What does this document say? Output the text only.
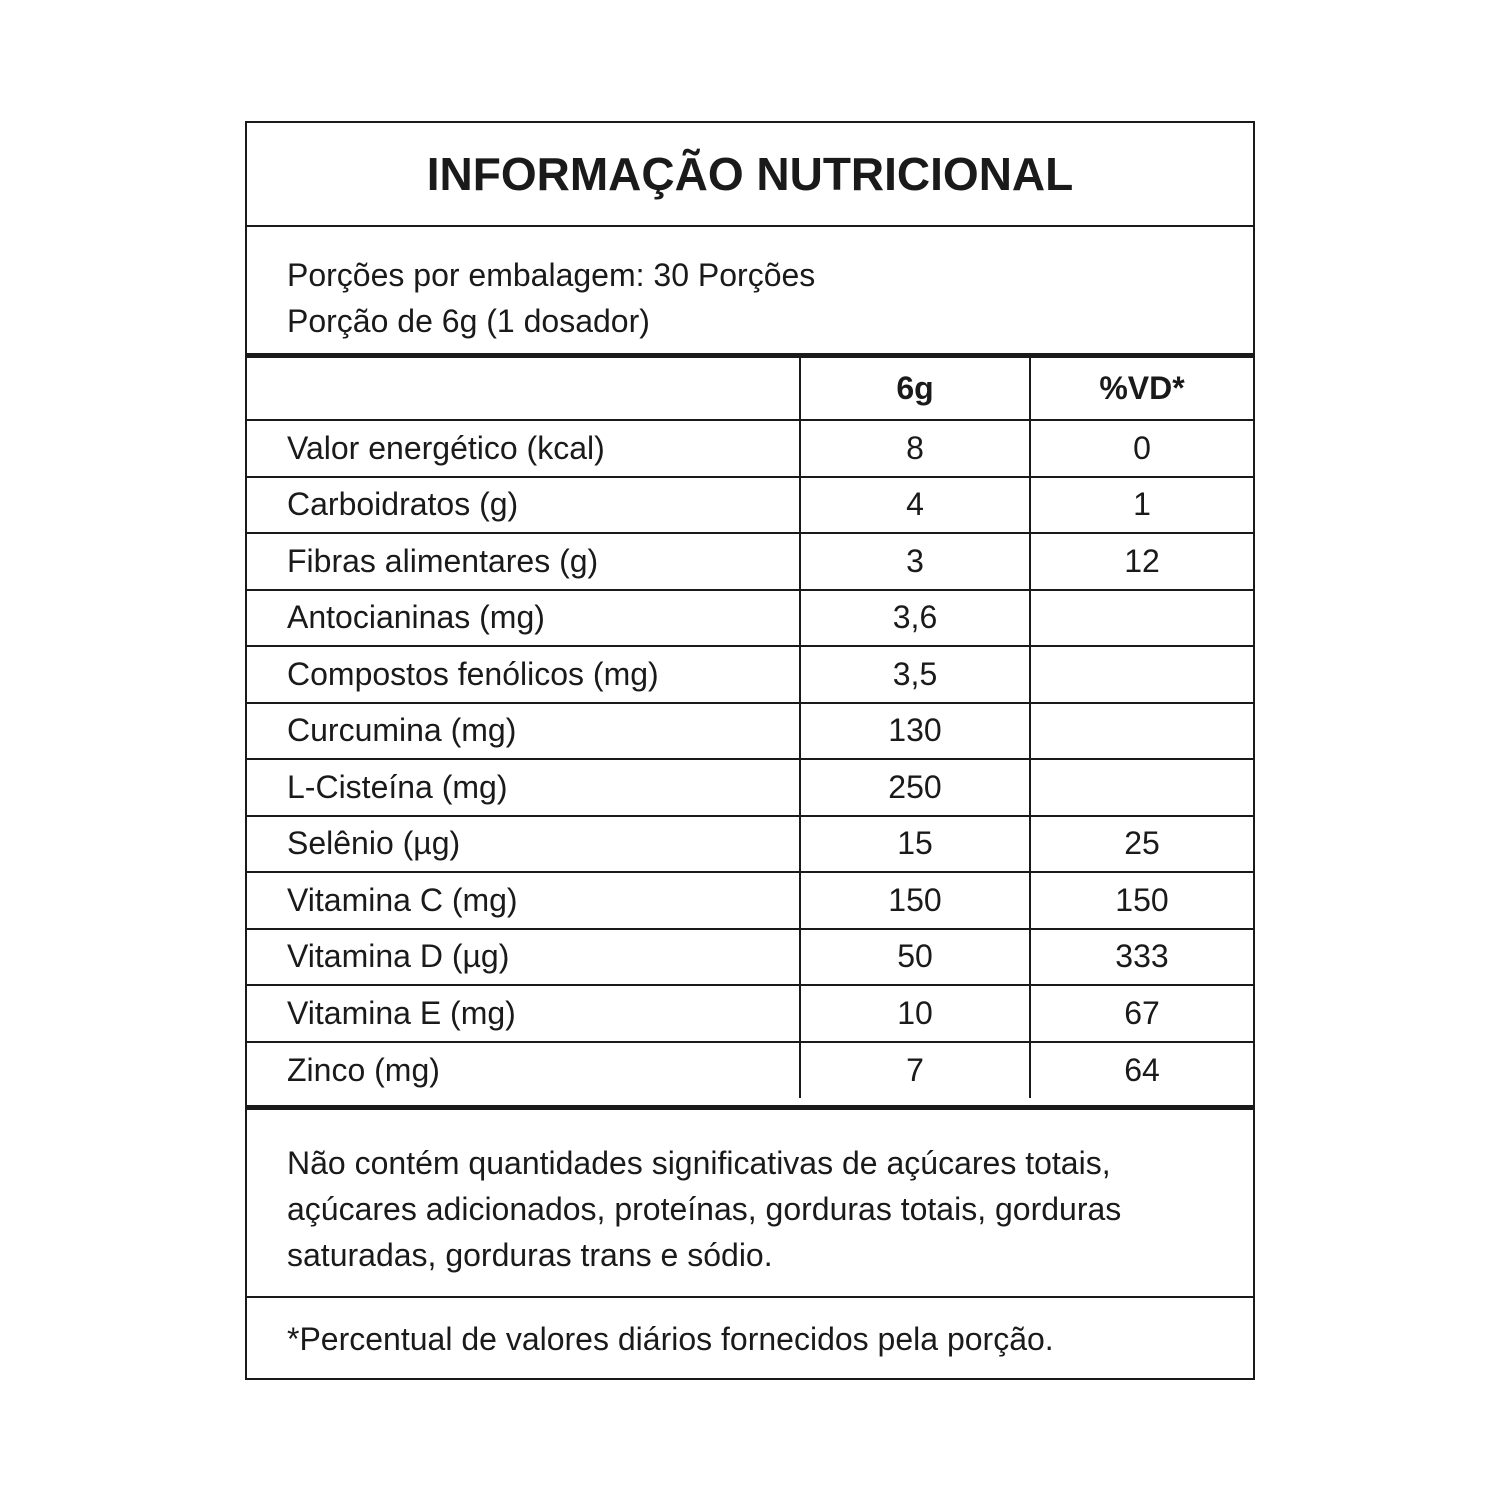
INFORMAÇÃO NUTRICIONAL
Porções por embalagem: 30 Porções
Porção de 6g (1 dosador)
	6g	%VD*
Valor energético (kcal)	8	0
Carboidratos (g)	4	1
Fibras alimentares (g)	3	12
Antocianinas (mg)	3,6	
Compostos fenólicos (mg)	3,5	
Curcumina (mg)	130	
L-Cisteína (mg)	250	
Selênio (µg)	15	25
Vitamina C (mg)	150	150
Vitamina D (µg)	50	333
Vitamina E (mg)	10	67
Zinco (mg)	7	64
Não contém quantidades significativas de açúcares totais,
açúcares adicionados, proteínas, gorduras totais, gorduras
saturadas, gorduras trans e sódio.
*Percentual de valores diários fornecidos pela porção.
